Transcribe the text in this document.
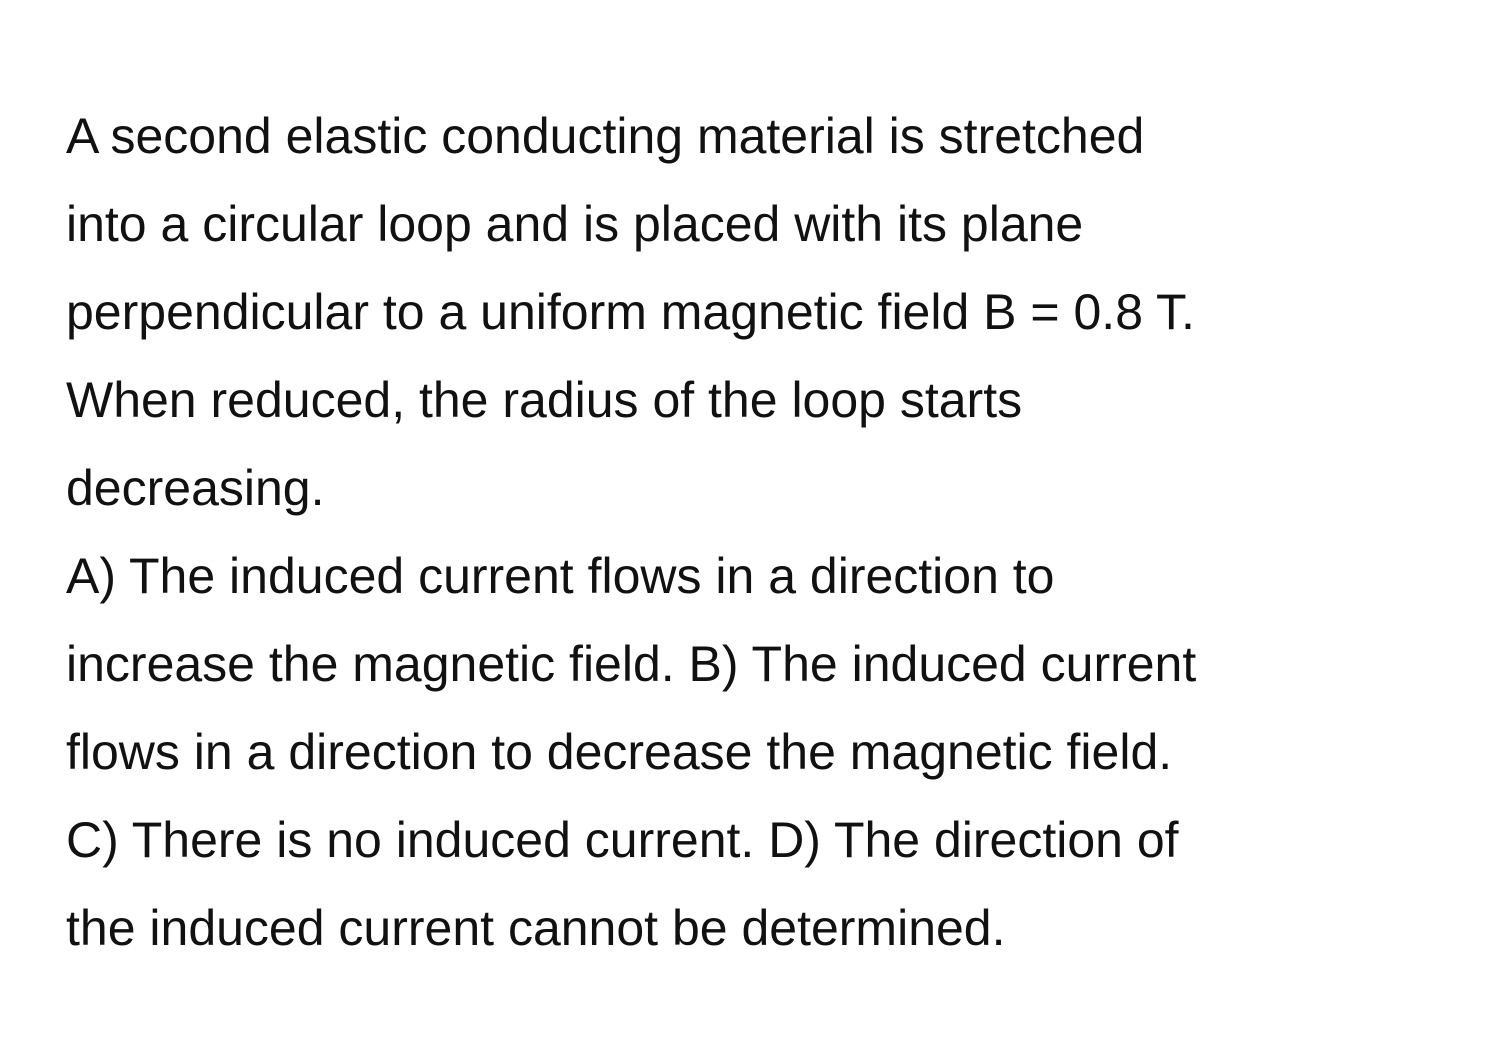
A second elastic conducting material is stretched
into a circular loop and is placed with its plane
perpendicular to a uniform magnetic field B = 0.8 T.
When reduced, the radius of the loop starts
decreasing.
A) The induced current flows in a direction to
increase the magnetic field. B) The induced current
flows in a direction to decrease the magnetic field.
C) There is no induced current. D) The direction of
the induced current cannot be determined.
